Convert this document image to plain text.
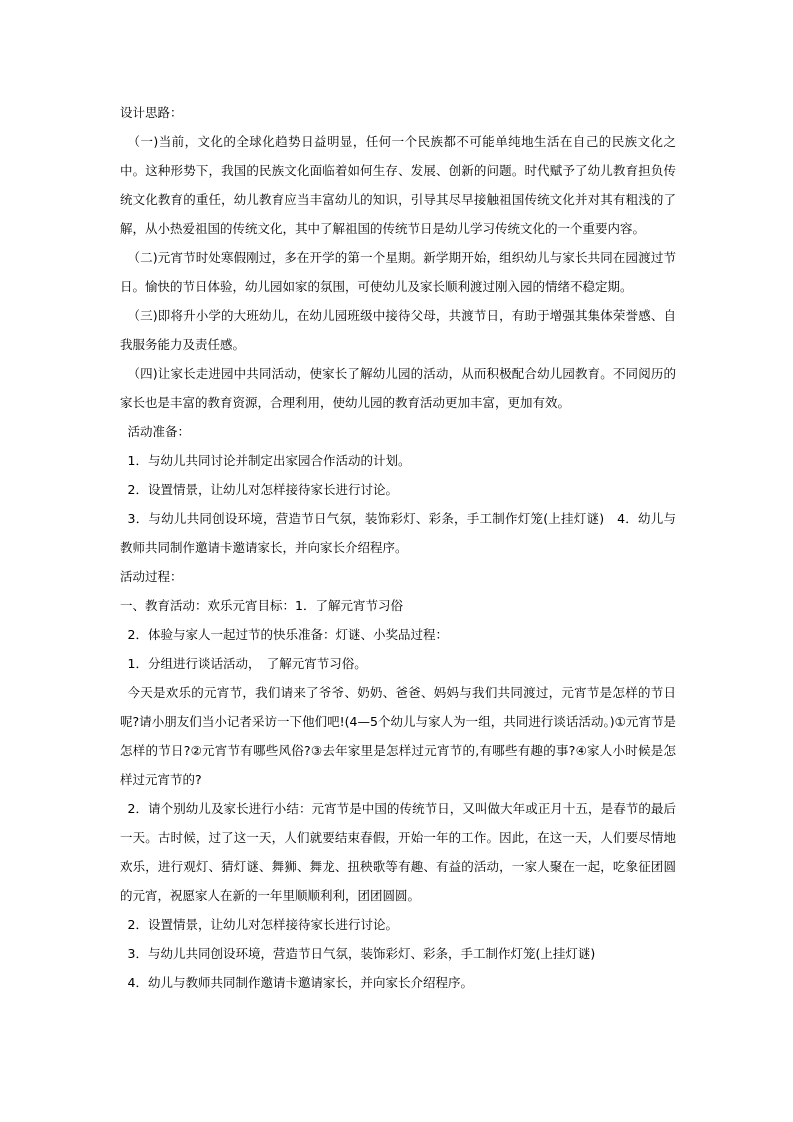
设计思路：

（一)当前，文化的全球化趋势日益明显，任何一个民族都不可能单纯地生活在自己的民族文化之中。这种形势下，我国的民族文化面临着如何生存、发展、创新的问题。时代赋予了幼儿教育担负传统文化教育的重任，幼儿教育应当丰富幼儿的知识，引导其尽早接触祖国传统文化并对其有粗浅的了解，从小热爱祖国的传统文化，其中了解祖国的传统节日是幼儿学习传统文化的一个重要内容。

（二)元宵节时处寒假刚过，多在开学的第一个星期。新学期开始，组织幼儿与家长共同在园渡过节日。愉快的节日体验，幼儿园如家的氛围，可使幼儿及家长顺利渡过刚入园的情绪不稳定期。

（三)即将升小学的大班幼儿，在幼儿园班级中接待父母，共渡节日，有助于增强其集体荣誉感、自我服务能力及责任感。

（四)让家长走进园中共同活动，使家长了解幼儿园的活动，从而积极配合幼儿园教育。不同阅历的家长也是丰富的教育资源，合理利用，使幼儿园的教育活动更加丰富，更加有效。

活动准备：

1．与幼儿共同讨论并制定出家园合作活动的计划。

2．设置情景，让幼儿对怎样接待家长进行讨论。

3．与幼儿共同创设环境，营造节日气氛，装饰彩灯、彩条，手工制作灯笼(上挂灯谜)　4．幼儿与教师共同制作邀请卡邀请家长，并向家长介绍程序。

活动过程：

一、教育活动：欢乐元宵目标：1．了解元宵节习俗

2．体验与家人一起过节的快乐准备：灯谜、小奖品过程：

1．分组进行谈话活动，　了解元宵节习俗。

今天是欢乐的元宵节，我们请来了爷爷、奶奶、爸爸、妈妈与我们共同渡过，元宵节是怎样的节日呢?请小朋友们当小记者采访一下他们吧!(4—5个幼儿与家人为一组，共同进行谈话活动。)①元宵节是怎样的节日?②元宵节有哪些风俗?③去年家里是怎样过元宵节的,有哪些有趣的事?④家人小时候是怎样过元宵节的?

2．请个别幼儿及家长进行小结：元宵节是中国的传统节日，又叫做大年或正月十五，是春节的最后一天。古时候，过了这一天，人们就要结束春假，开始一年的工作。因此，在这一天，人们要尽情地欢乐，进行观灯、猜灯谜、舞狮、舞龙、扭秧歌等有趣、有益的活动，一家人聚在一起，吃象征团圆的元宵，祝愿家人在新的一年里顺顺利利，团团圆圆。

2．设置情景，让幼儿对怎样接待家长进行讨论。

3．与幼儿共同创设环境，营造节日气氛，装饰彩灯、彩条，手工制作灯笼(上挂灯谜)

4．幼儿与教师共同制作邀请卡邀请家长，并向家长介绍程序。
